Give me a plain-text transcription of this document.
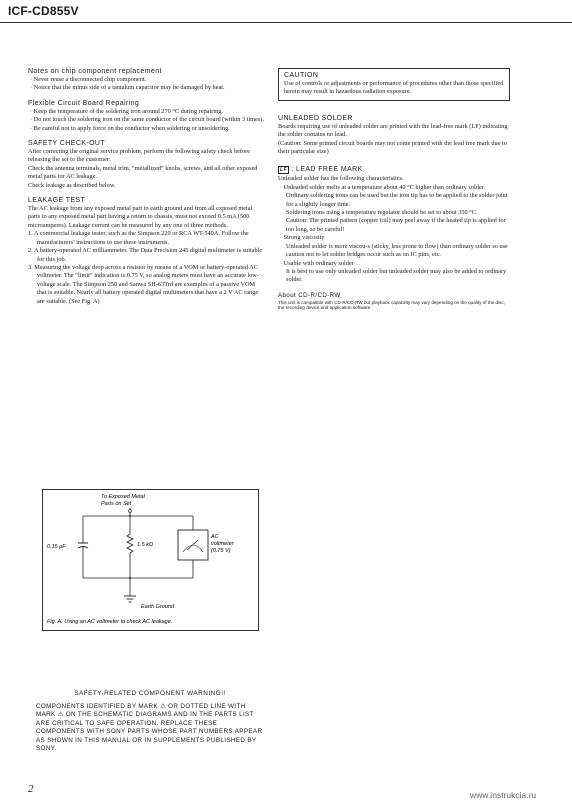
ICF-CD855V
Notes on chip component replacement

· Never reuse a disconnected chip component.

· Notice that the minus side of a tantalum capacitor may be damaged by heat.

Flexible Circuit Board Repairing

· Keep the temperature of the soldering iron around 270 °C during repairing.

· Do not touch the soldering iron on the same conductor of the circuit board (within 3 times).

· Be careful not to apply force on the conductor when soldering or unsoldering.

SAFETY CHECK-OUT

After correcting the original service problem, perform the following safety check before releasing the set to the customer:

Check the antenna terminals, metal trim, “metallized” knobs, screws, and all other exposed metal parts for AC leakage.

Check leakage as described below.

LEAKAGE TEST

The AC leakage from any exposed metal part to earth ground and from all exposed metal parts to any exposed metal part having a return to chassis, must not exceed 0.5 mA (500 microamperes). Leakage current can be measured by any one of three methods.

1. A commercial leakage tester, such as the Simpson 229 or RCA WT-540A. Follow the manufacturers’ instructions to use these instruments.

2. A battery-operated AC milliammeter. The Data Precision 245 digital multimeter is suitable for this job.

3. Measuring the voltage drop across a resistor by means of a VOM or battery-operated AC voltmeter. The “limit” indication is 0.75 V, so analog meters must have an accurate low-voltage scale. The Simpson 250 and Sanwa SH-63Trd are examples of a passive VOM that is suitable. Nearly all battery operated digital multimeters that have a 2 V AC range are suitable. (See Fig. A)

To Exposed Metal
Parts on Set
0.15 μF	1.5 kΩ
AC
voltmeter
(0.75 V)
Earth Ground
Fig. A. Using an AC voltmeter to check AC leakage.
CAUTION

Use of controls or adjustments or performance of procedures other than those specified herein may result in hazardous radiation exposure.

UNLEADED SOLDER

Boards requiring use of unleaded solder are printed with the lead-free mark (LF) indicating the solder contains no lead.

(Caution: Some printed circuit boards may not come printed with the lead free mark due to their particular size)

LF : LEAD FREE MARK

Unleaded solder has the following characteristics.

· Unleaded solder melts at a temperature about 40 °C higher than ordinary solder.

Ordinary soldering irons can be used but the iron tip has to be applied to the solder joint for a slightly longer time.

Soldering irons using a temperature regulator should be set to about 350 °C.

Caution: The printed pattern (copper foil) may peel away if the heated tip is applied for too long, so be careful!

· Strong viscosity

Unleaded solder is more viscou-s (sticky, less prone to flow) than ordinary solder so use caution not to let solder bridges occur such as on IC pins, etc.

· Usable with ordinary solder

It is best to use only unleaded solder but unleaded solder may also be added to ordinary solder.

About CD-R/CD-RW

This unit is compatible with CD-R/CD-RW but playback capability may vary depending on the quality of the disc, the recording device and application software.

SAFETY-RELATED COMPONENT WARNING!!

COMPONENTS IDENTIFIED BY MARK ⚠ OR DOTTED LINE WITH MARK ⚠ ON THE SCHEMATIC DIAGRAMS AND IN THE PARTS LIST ARE CRITICAL TO SAFE OPERATION. REPLACE THESE COMPONENTS WITH SONY PARTS WHOSE PART NUMBERS APPEAR AS SHOWN IN THIS MANUAL OR IN SUPPLEMENTS PUBLISHED BY SONY.

2	www.instrukcia.ru
